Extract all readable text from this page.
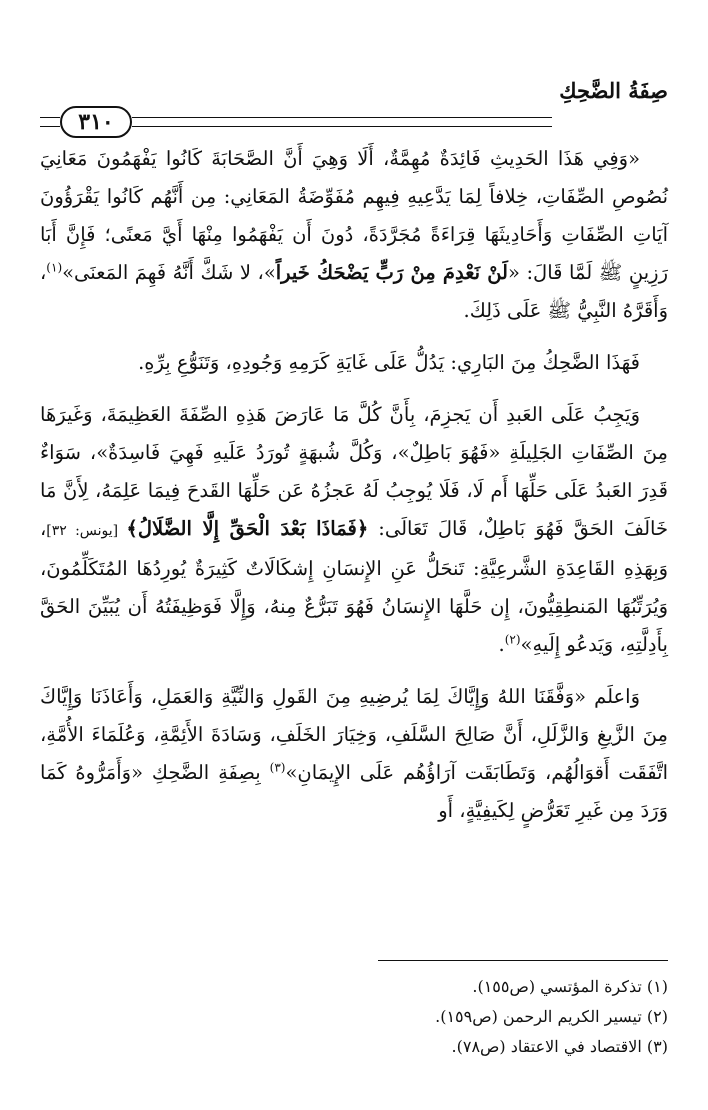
صِفَةُ الضَّحِكِ
٣١٠

«وَفِي هَذَا الحَدِيثِ فَائِدَةٌ مُهِمَّةٌ، أَلَا وَهِيَ أَنَّ الصَّحَابَةَ كَانُوا يَفْهَمُونَ مَعَانِيَ نُصُوصِ الصِّفَاتِ، خِلافاً لِمَا يَدَّعِيهِ فِيهِم مُفَوِّضَةُ المَعَانِي: مِن أَنَّهُم كَانُوا يَقْرَؤُونَ آيَاتِ الصِّفَاتِ وَأَحَادِيثَهَا قِرَاءَةً مُجَرَّدَةً، دُونَ أَن يَفْهَمُوا مِنْهَا أَيَّ مَعنًى؛ فَإِنَّ أَبَا رَزِينٍ ﷺ لَمَّا قَالَ: «لَنْ نَعْدِمَ مِنْ رَبٍّ يَضْحَكُ خَيراً»، لا شَكَّ أَنَّهُ فَهِمَ المَعنَى»$^{(١)}$، وَأَقَرَّهُ النَّبِيُّ ﷺ عَلَى ذَلِكَ.

فَهَذَا الضَّحِكُ مِنَ البَارِي: يَدُلُّ عَلَى غَايَةِ كَرَمِهِ وَجُودِهِ، وَتَنَوُّعِ بِرِّهِ.

وَيَجِبُ عَلَى العَبدِ أَن يَجزِمَ، بِأَنَّ كُلَّ مَا عَارَضَ هَذِهِ الصِّفَةَ العَظِيمَةَ، وَغَيرَهَا مِنَ الصِّفَاتِ الجَلِيلَةِ «فَهُوَ بَاطِلٌ»، وَكُلَّ شُبهَةٍ تُورَدُ عَلَيهِ فَهِيَ فَاسِدَةٌ»، سَوَاءٌ قَدِرَ العَبدُ عَلَى حَلِّهَا أَم لَا، فَلَا يُوجِبُ لَهُ عَجزُهُ عَن حَلِّهَا القَدحَ فِيمَا عَلِمَهُ، لِأَنَّ مَا خَالَفَ الحَقَّ فَهُوَ بَاطِلٌ، قَالَ تَعَالَى: ﴿فَمَاذَا بَعْدَ الْحَقِّ إِلَّا الضَّلَالُ﴾ [يونس: ٣٢]، وَبِهَذِهِ القَاعِدَةِ الشَّرعِيَّةِ: تَنحَلُّ عَنِ الإِنسَانِ إِشكَالَاتٌ كَثِيرَةٌ يُورِدُهَا المُتَكَلِّمُونَ، وَيُرَتِّبُهَا المَنطِقِيُّونَ، إِن حَلَّهَا الإِنسَانُ فَهُوَ تَبَرُّعٌ مِنهُ، وَإِلَّا فَوَظِيفَتُهُ أَن يُبَيِّنَ الحَقَّ بِأَدِلَّتِهِ، وَيَدعُو إِلَيهِ»$^{(٢)}$.

وَاعلَم «وَفَّقَنَا اللهُ وَإِيَّاكَ لِمَا يُرضِيهِ مِنَ القَولِ وَالنِّيَّةِ وَالعَمَلِ، وَأَعَاذَنَا وَإِيَّاكَ مِنَ الزَّيغِ وَالزَّلَلِ، أَنَّ صَالِحَ السَّلَفِ، وَخِيَارَ الخَلَفِ، وَسَادَةَ الأَئِمَّةِ، وَعُلَمَاءَ الأُمَّةِ، اتَّفَقَت أَقوَالُهُم، وَتَطَابَقَت آرَاؤُهُم عَلَى الإِيمَانِ»$^{(٣)}$ بِصِفَةِ الضَّحِكِ «وَأَمَرُّوهُ كَمَا وَرَدَ مِن غَيرِ تَعَرُّضٍ لِكَيفِيَّةٍ، أَو

(١) تذكرة المؤتسي (ص١٥٥).
(٢) تيسير الكريم الرحمن (ص١٥٩).
(٣) الاقتصاد في الاعتقاد (ص٧٨).
